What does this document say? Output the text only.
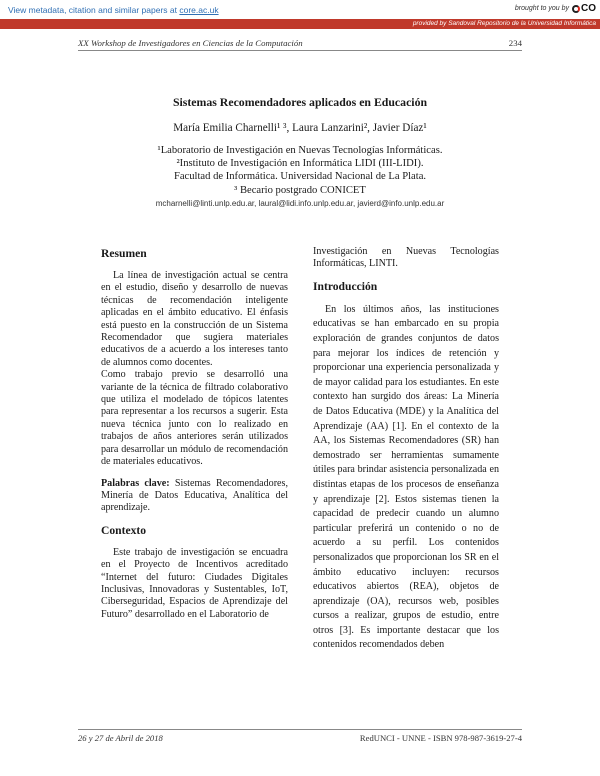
View metadata, citation and similar papers at core.ac.uk	brought to you by CO
provided by Sandoval Repositorio de la Universidad Informática
XX Workshop de Investigadores en Ciencias de la Computación	234
Sistemas Recomendadores aplicados en Educación

María Emilia Charnelli¹ ³, Laura Lanzarini², Javier Díaz¹

¹Laboratorio de Investigación en Nuevas Tecnologías Informáticas.
²Instituto de Investigación en Informática LIDI (III-LIDI).
Facultad de Informática. Universidad Nacional de La Plata.
³ Becario postgrado CONICET
mcharnelli@linti.unlp.edu.ar, laural@lidi.info.unlp.edu.ar, javierd@info.unlp.edu.ar
Resumen

La línea de investigación actual se centra en el estudio, diseño y desarrollo de nuevas técnicas de recomendación inteligente aplicadas en el ámbito educativo. El énfasis está puesto en la construcción de un Sistema Recomendador que sugiera materiales educativos de a acuerdo a los intereses tanto de alumnos como docentes.

Como trabajo previo se desarrolló una variante de la técnica de filtrado colaborativo que utiliza el modelado de tópicos latentes para representar a los recursos a sugerir. Esta nueva técnica junto con lo realizado en trabajos de años anteriores serán utilizados para desarrollar un módulo de recomendación de materiales educativos.

Palabras clave: Sistemas Recomendadores, Minería de Datos Educativa, Analítica del aprendizaje.

Contexto

Este trabajo de investigación se encuadra en el Proyecto de Incentivos acreditado “Internet del futuro: Ciudades Digitales Inclusivas, Innovadoras y Sustentables, IoT, Ciberseguridad, Espacios de Aprendizaje del Futuro” desarrollado en el Laboratorio de

Investigación en Nuevas Tecnologías Informáticas, LINTI.

Introducción

En los últimos años, las instituciones educativas se han embarcado en su propia exploración de grandes conjuntos de datos para mejorar los índices de retención y proporcionar una experiencia personalizada y de mayor calidad para los estudiantes. En este contexto han surgido dos áreas: La Minería de Datos Educativa (MDE) y la Analítica del Aprendizaje (AA) [1]. En el contexto de la AA, los Sistemas Recomendadores (SR) han demostrado ser herramientas sumamente útiles para brindar asistencia personalizada en distintas etapas de los procesos de enseñanza y aprendizaje [2]. Estos sistemas tienen la capacidad de predecir cuando un alumno particular preferirá un contenido o no de acuerdo a su perfil. Los contenidos personalizados que proporcionan los SR en el ámbito educativo incluyen: recursos educativos abiertos (REA), objetos de aprendizaje (OA), recursos web, posibles cursos a realizar, grupos de estudio, entre otros [3]. Es importante destacar que los contenidos recomendados deben

26 y 27 de Abril de 2018	RedUNCI - UNNE - ISBN 978-987-3619-27-4
